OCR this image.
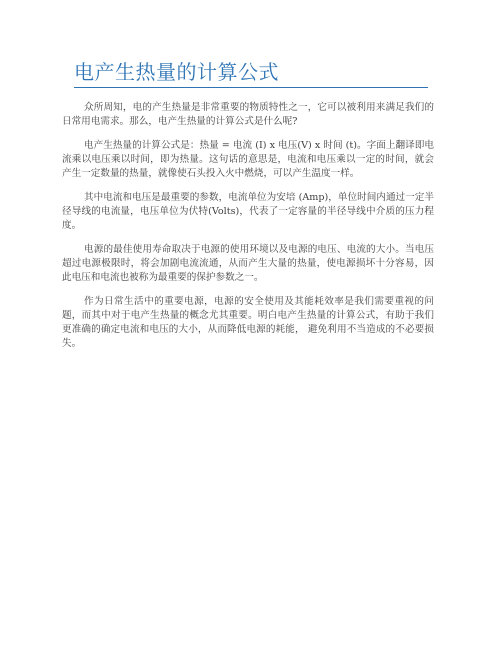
电产生热量的计算公式

众所周知，电的产生热量是非常重要的物质特性之一，它可以被利用来满足我们的日常用电需求。那么，电产生热量的计算公式是什么呢?

电产生热量的计算公式是：热量 = 电流 (I) x 电压(V) x 时间 (t)。字面上翻译即电流乘以电压乘以时间，即为热量。这句话的意思是，电流和电压乘以一定的时间，就会产生一定数量的热量，就像使石头投入火中燃烧，可以产生温度一样。

其中电流和电压是最重要的参数，电流单位为安培 (Amp)，单位时间内通过一定半径导线的电流量，电压单位为伏特(Volts)，代表了一定容量的半径导线中介质的压力程度。

电源的最佳使用寿命取决于电源的使用环境以及电源的电压、电流的大小。当电压超过电源极限时，将会加剧电流流通，从而产生大量的热量，使电源损坏十分容易，因此电压和电流也被称为最重要的保护参数之一。

作为日常生活中的重要电源，电源的安全使用及其能耗效率是我们需要重视的问题，而其中对于电产生热量的概念尤其重要。明白电产生热量的计算公式，有助于我们更准确的确定电流和电压的大小，从而降低电源的耗能， 避免利用不当造成的不必要损失。
